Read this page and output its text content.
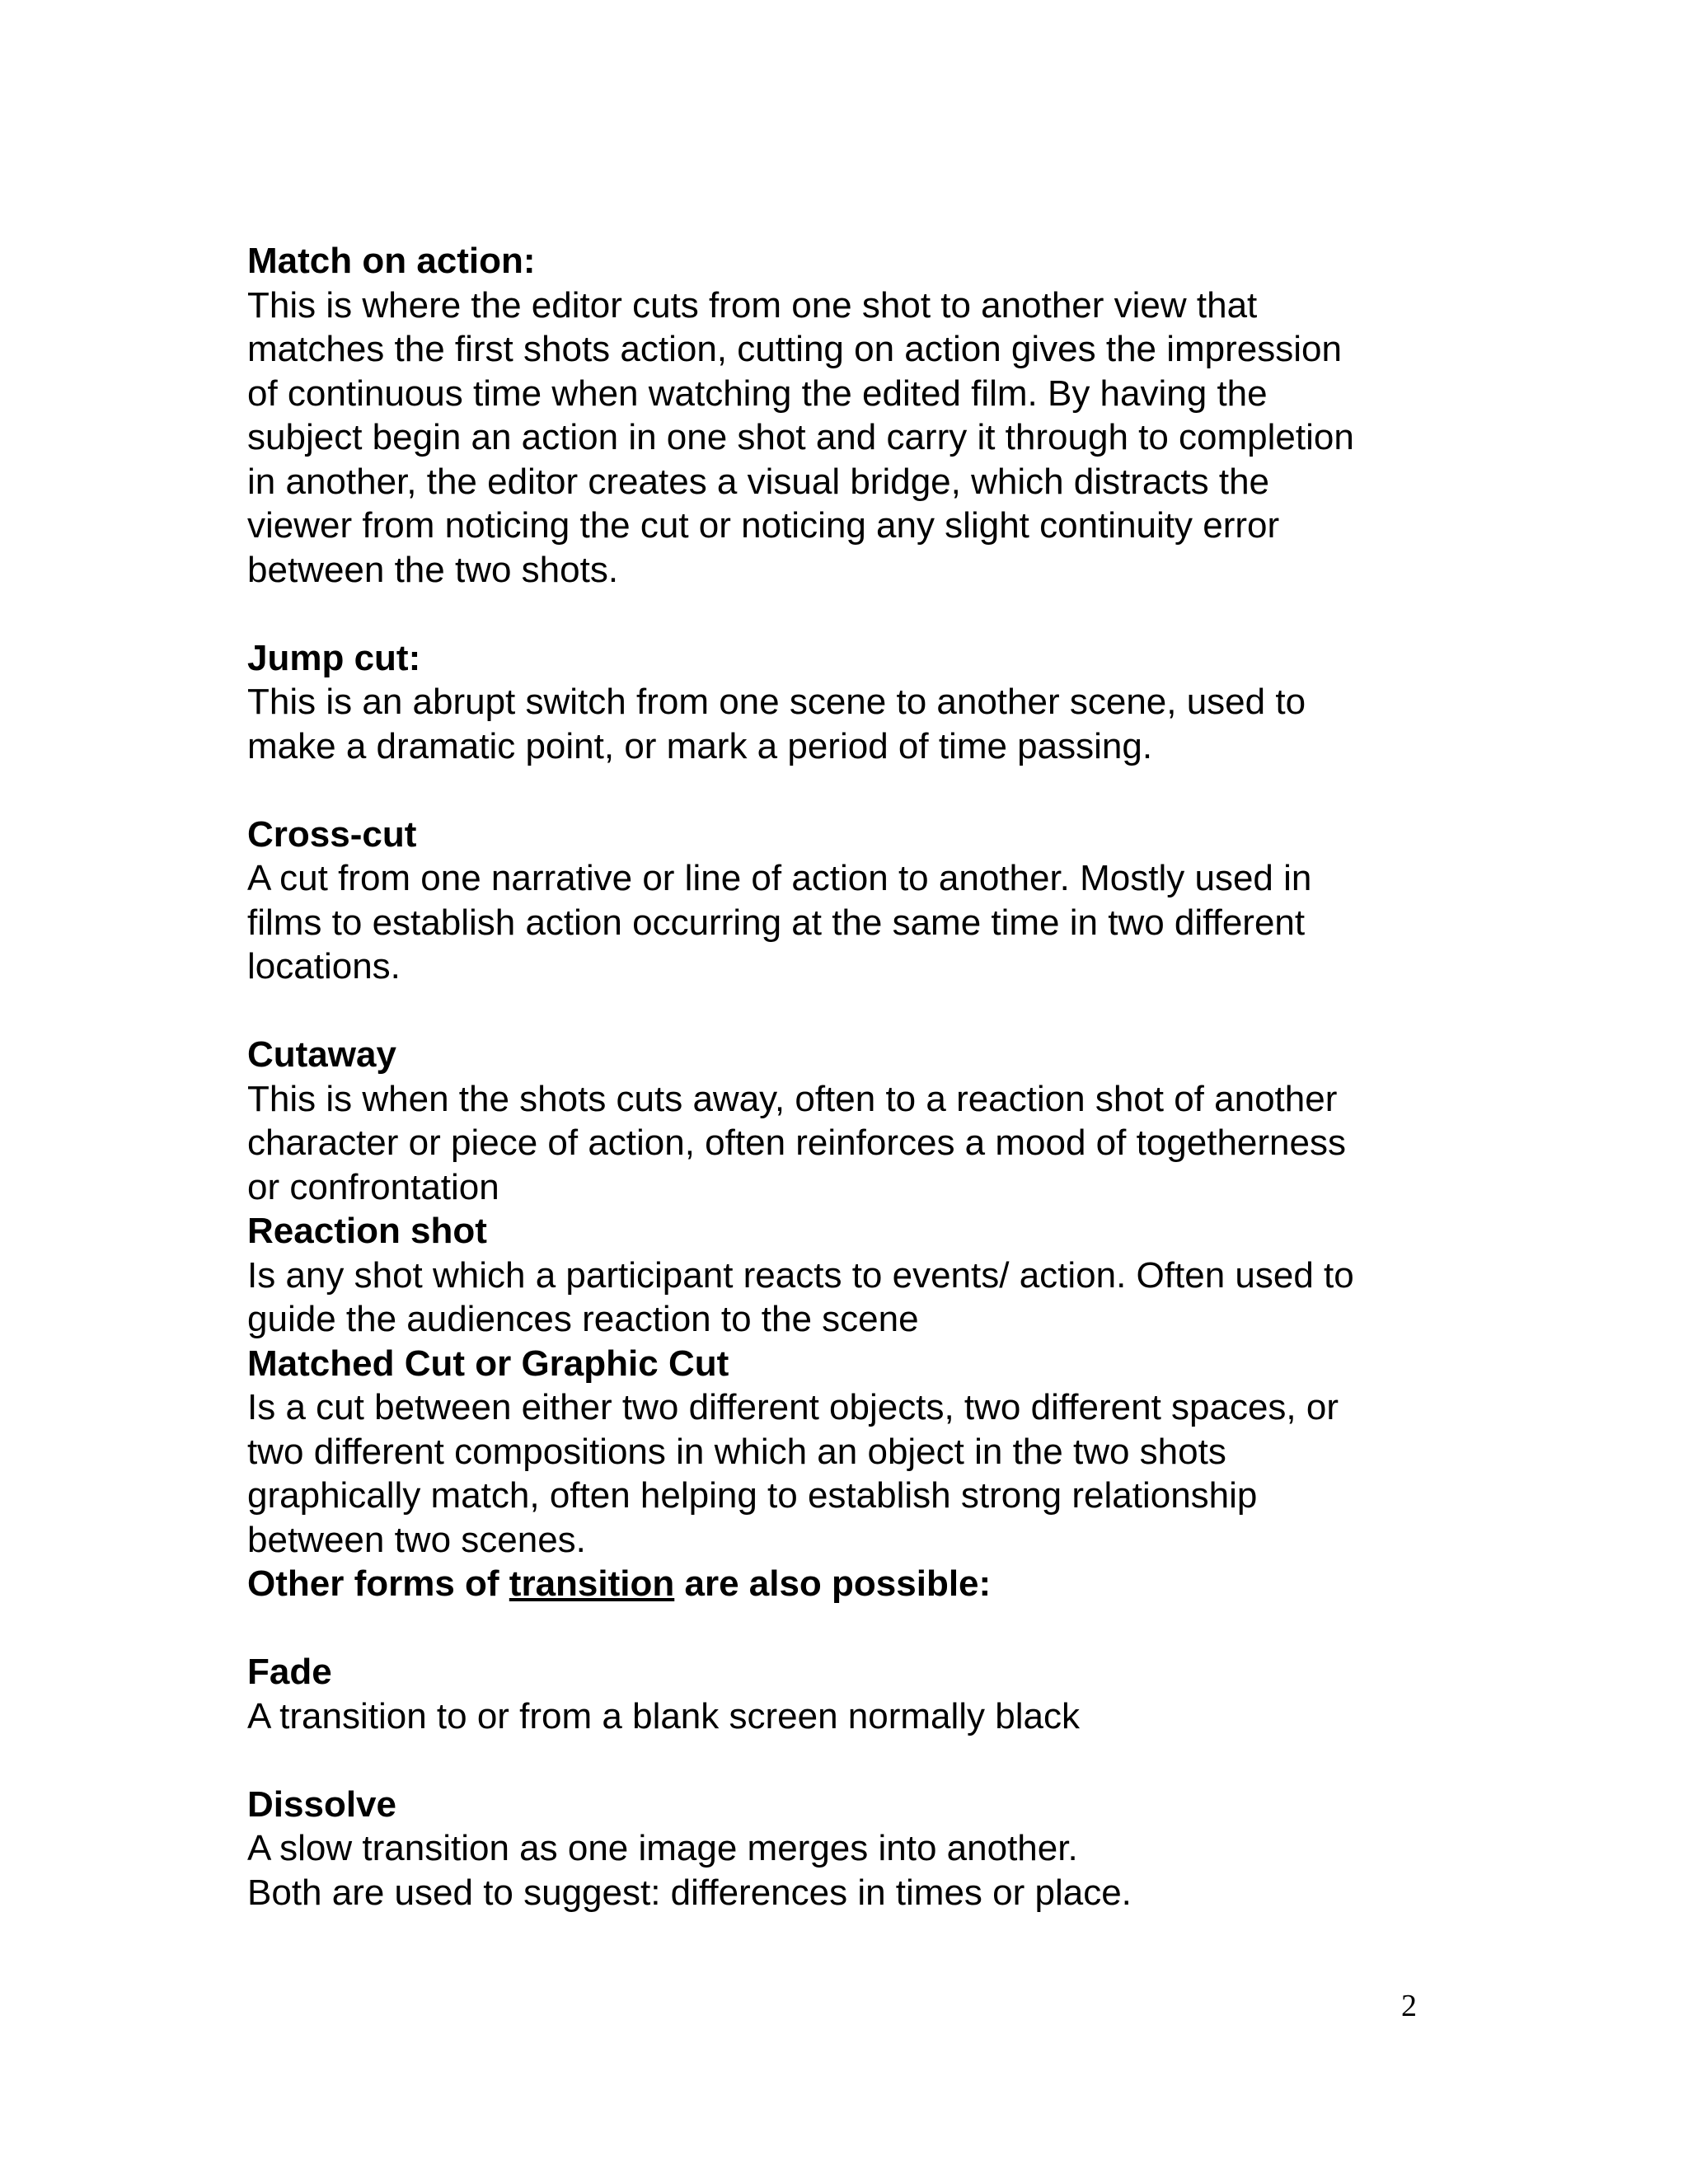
Match on action:

This is where the editor cuts from one shot to another view that

matches the first shots action, cutting on action gives the impression

of continuous time when watching the edited film. By having the

subject begin an action in one shot and carry it through to completion

in another, the editor creates a visual bridge, which distracts the

viewer from noticing the cut or noticing any slight continuity error

between the two shots.

Jump cut:

This is an abrupt switch from one scene to another scene, used to

make a dramatic point, or mark a period of time passing.

Cross-cut

A cut from one narrative or line of action to another. Mostly used in

films to establish action occurring at the same time in two different

locations.

Cutaway

This is when the shots cuts away, often to a reaction shot of another

character or piece of action, often reinforces a mood of togetherness

or confrontation

Reaction shot

Is any shot which a participant reacts to events/ action. Often used to

guide the audiences reaction to the scene

Matched Cut or Graphic Cut

Is a cut between either two different objects, two different spaces, or

two different compositions in which an object in the two shots

graphically match, often helping to establish strong relationship

between two scenes.

Other forms of transition are also possible:

Fade

A transition to or from a blank screen normally black

Dissolve

A slow transition as one image merges into another.

Both are used to suggest: differences in times or place.

2
